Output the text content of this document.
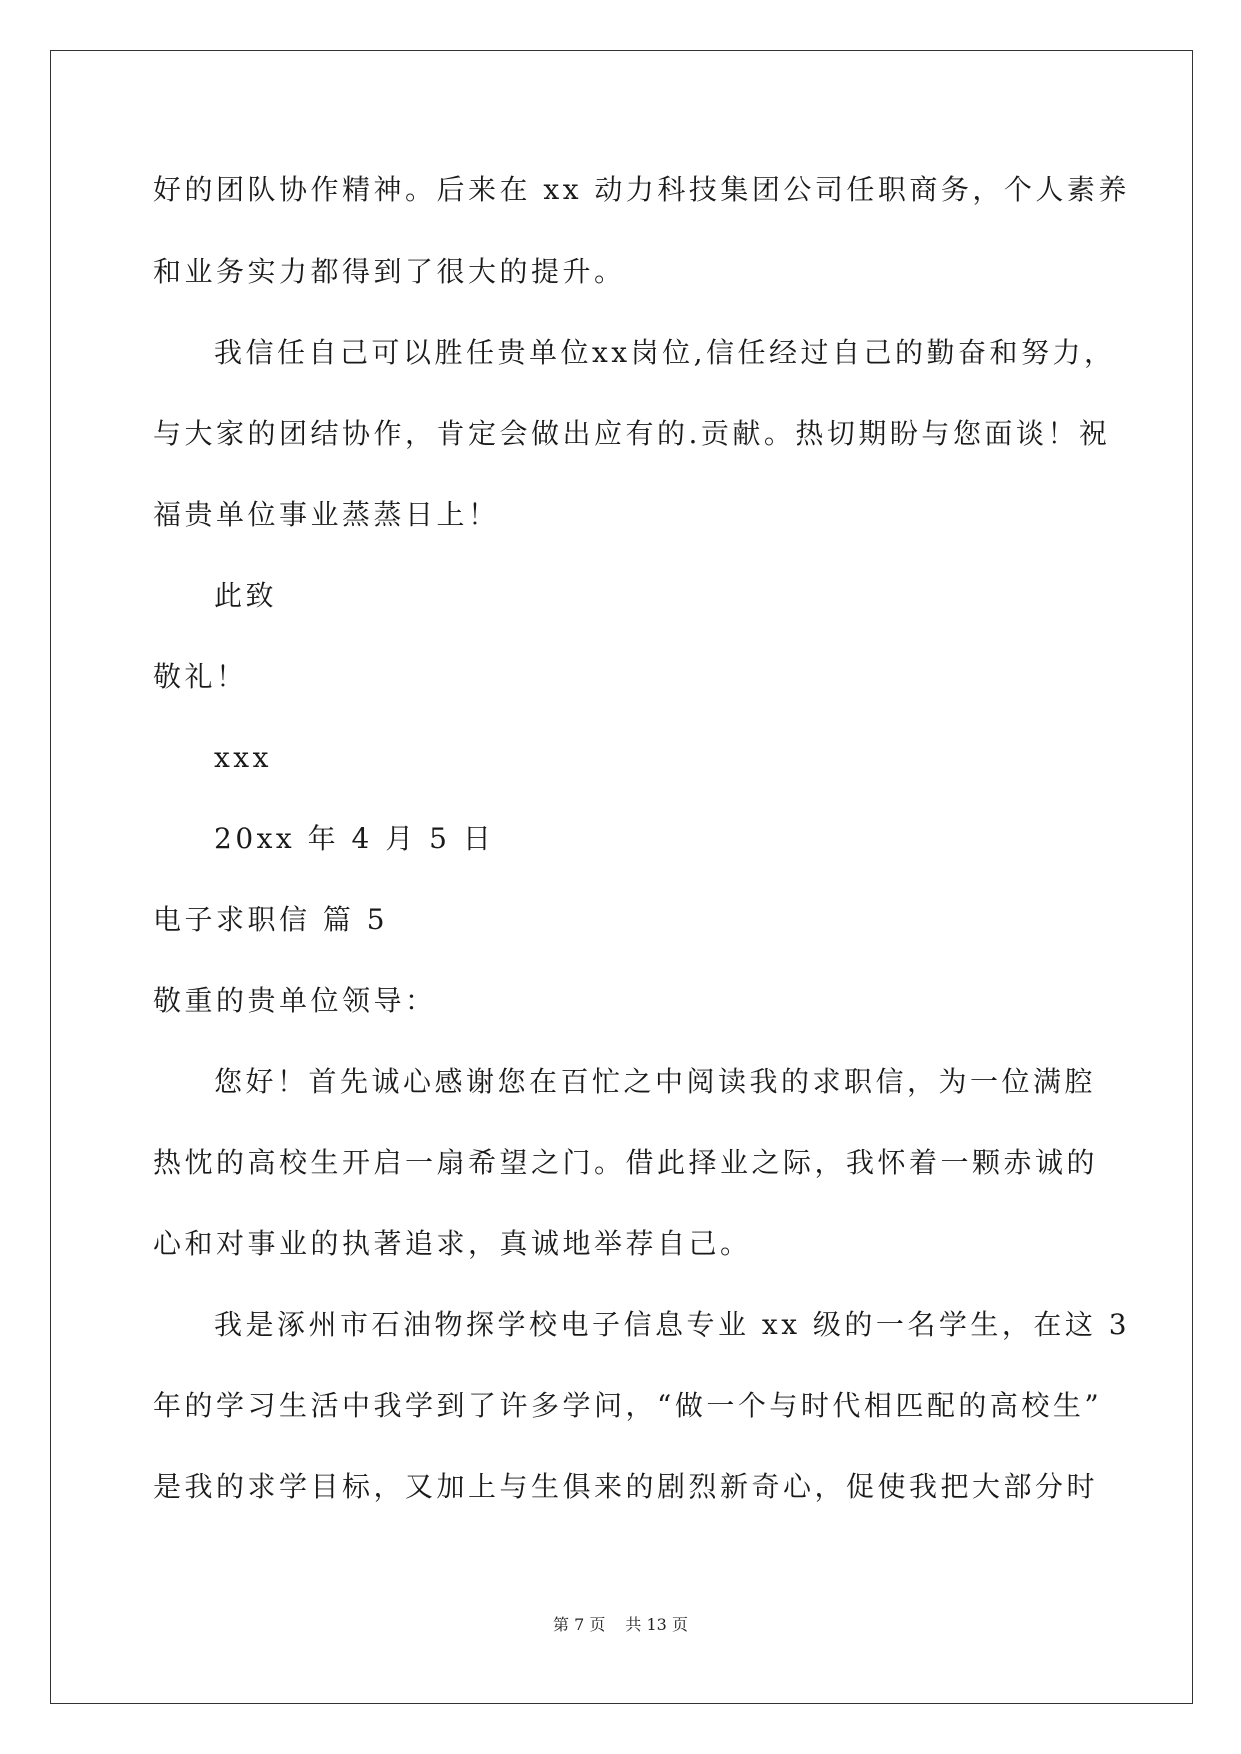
好的团队协作精神。后来在 xx 动力科技集团公司任职商务，个人素养
和业务实力都得到了很大的提升。
我信任自己可以胜任贵单位xx岗位,信任经过自己的勤奋和努力，
与大家的团结协作，肯定会做出应有的.贡献。热切期盼与您面谈！祝
福贵单位事业蒸蒸日上！
此致
敬礼！
xxx
20xx 年 4 月 5 日
电子求职信 篇 5
敬重的贵单位领导：
您好！首先诚心感谢您在百忙之中阅读我的求职信，为一位满腔
热忱的高校生开启一扇希望之门。借此择业之际，我怀着一颗赤诚的
心和对事业的执著追求，真诚地举荐自己。
我是涿州市石油物探学校电子信息专业 xx 级的一名学生，在这 3
年的学习生活中我学到了许多学问，“做一个与时代相匹配的高校生”
是我的求学目标，又加上与生俱来的剧烈新奇心，促使我把大部分时
第 7 页 共 13 页
